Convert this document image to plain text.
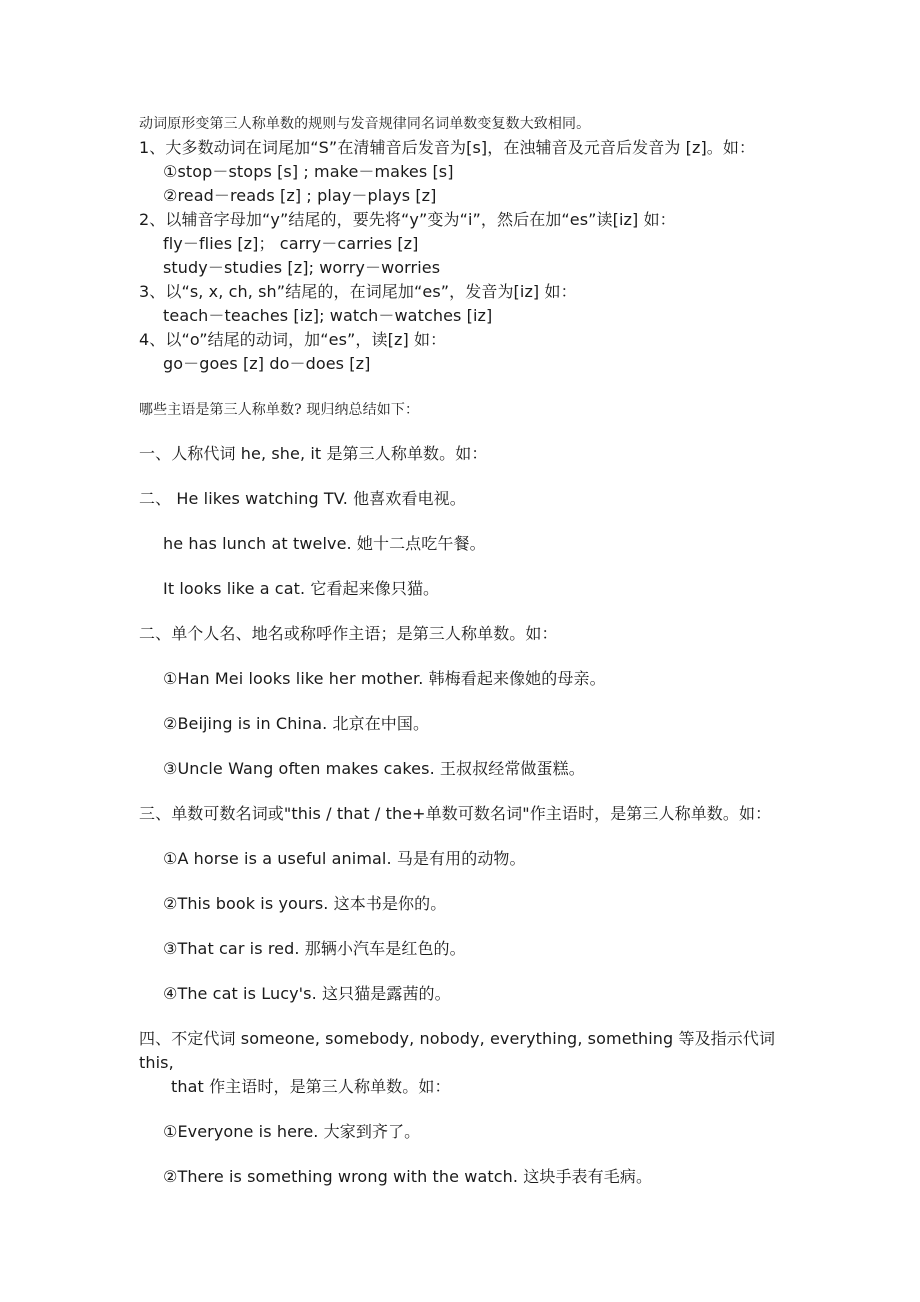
动词原形变第三人称单数的规则与发音规律同名词单数变复数大致相同。
1、大多数动词在词尾加“S”在清辅音后发音为[s]，在浊辅音及元音后发音为 [z]。如：
①stop－stops [s] ; make－makes [s]
②read－reads [z] ; play－plays [z]
2、以辅音字母加“y”结尾的，要先将“y”变为“i”，然后在加“es”读[iz] 如：
fly－flies [z]； carry－carries [z]
study－studies [z]; worry－worries
3、以“s, x, ch, sh”结尾的，在词尾加“es”，发音为[iz] 如：
teach－teaches [iz]; watch－watches [iz]
4、以“o”结尾的动词，加“es”，读[z] 如：
go－goes [z] do－does [z]
哪些主语是第三人称单数? 现归纳总结如下：
一、人称代词 he, she, it 是第三人称单数。如：
二、 He likes watching TV. 他喜欢看电视。
he has lunch at twelve. 她十二点吃午餐。
It looks like a cat. 它看起来像只猫。
二、单个人名、地名或称呼作主语；是第三人称单数。如：
①Han Mei looks like her mother. 韩梅看起来像她的母亲。
②Beijing is in China. 北京在中国。
③Uncle Wang often makes cakes. 王叔叔经常做蛋糕。
三、单数可数名词或"this / that / the+单数可数名词"作主语时，是第三人称单数。如：
①A horse is a useful animal. 马是有用的动物。
②This book is yours. 这本书是你的。
③That car is red. 那辆小汽车是红色的。
④The cat is Lucy's. 这只猫是露茜的。
四、不定代词 someone, somebody, nobody, everything, something 等及指示代词
this,
that 作主语时，是第三人称单数。如：
①Everyone is here. 大家到齐了。
②There is something wrong with the watch. 这块手表有毛病。
